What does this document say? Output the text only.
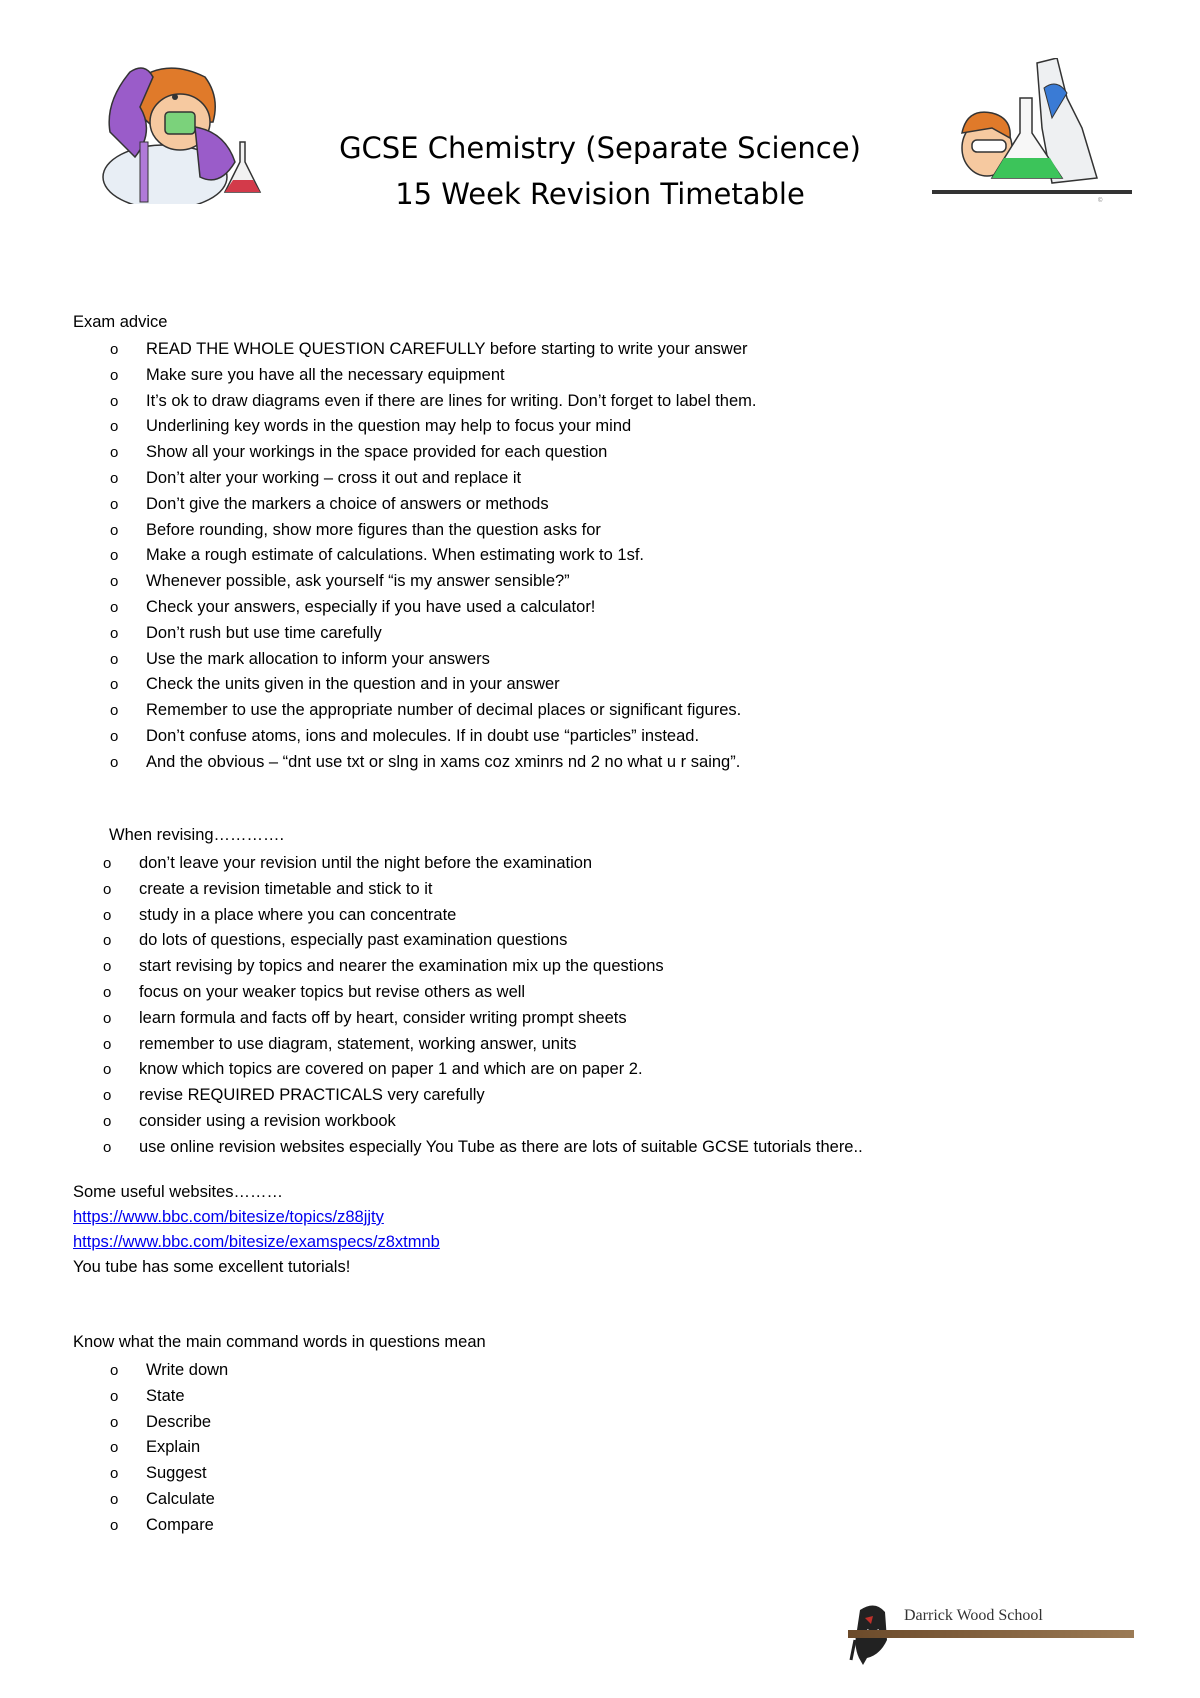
GCSE Chemistry (Separate Science)
15 Week Revision Timetable	©
Exam advice
o READ THE WHOLE QUESTION CAREFULLY before starting to write your answer
o Make sure you have all the necessary equipment
o It’s ok to draw diagrams even if there are lines for writing. Don’t forget to label them.
o Underlining key words in the question may help to focus your mind
o Show all your workings in the space provided for each question
o Don’t alter your working – cross it out and replace it
o Don’t give the markers a choice of answers or methods
o Before rounding, show more figures than the question asks for
o Make a rough estimate of calculations. When estimating work to 1sf.
o Whenever possible, ask yourself “is my answer sensible?”
o Check your answers, especially if you have used a calculator!
o Don’t rush but use time carefully
o Use the mark allocation to inform your answers
o Check the units given in the question and in your answer
o Remember to use the appropriate number of decimal places or significant figures.
o Don’t confuse atoms, ions and molecules. If in doubt use “particles” instead.
o And the obvious – “dnt use txt or slng in xams coz xminrs nd 2 no what u r saing”.
When revising………….
o don’t leave your revision until the night before the examination
o create a revision timetable and stick to it
o study in a place where you can concentrate
o do lots of questions, especially past examination questions
o start revising by topics and nearer the examination mix up the questions
o focus on your weaker topics but revise others as well
o learn formula and facts off by heart, consider writing prompt sheets
o remember to use diagram, statement, working answer, units
o know which topics are covered on paper 1 and which are on paper 2.
o revise REQUIRED PRACTICALS very carefully
o consider using a revision workbook
o use online revision websites especially You Tube as there are lots of suitable GCSE tutorials there..
Some useful websites………
https://www.bbc.com/bitesize/topics/z88jjty
https://www.bbc.com/bitesize/examspecs/z8xtmnb
You tube has some excellent tutorials!
Know what the main command words in questions mean
o Write down
o State
o Describe
o Explain
o Suggest
o Calculate
o Compare
Darrick Wood School
